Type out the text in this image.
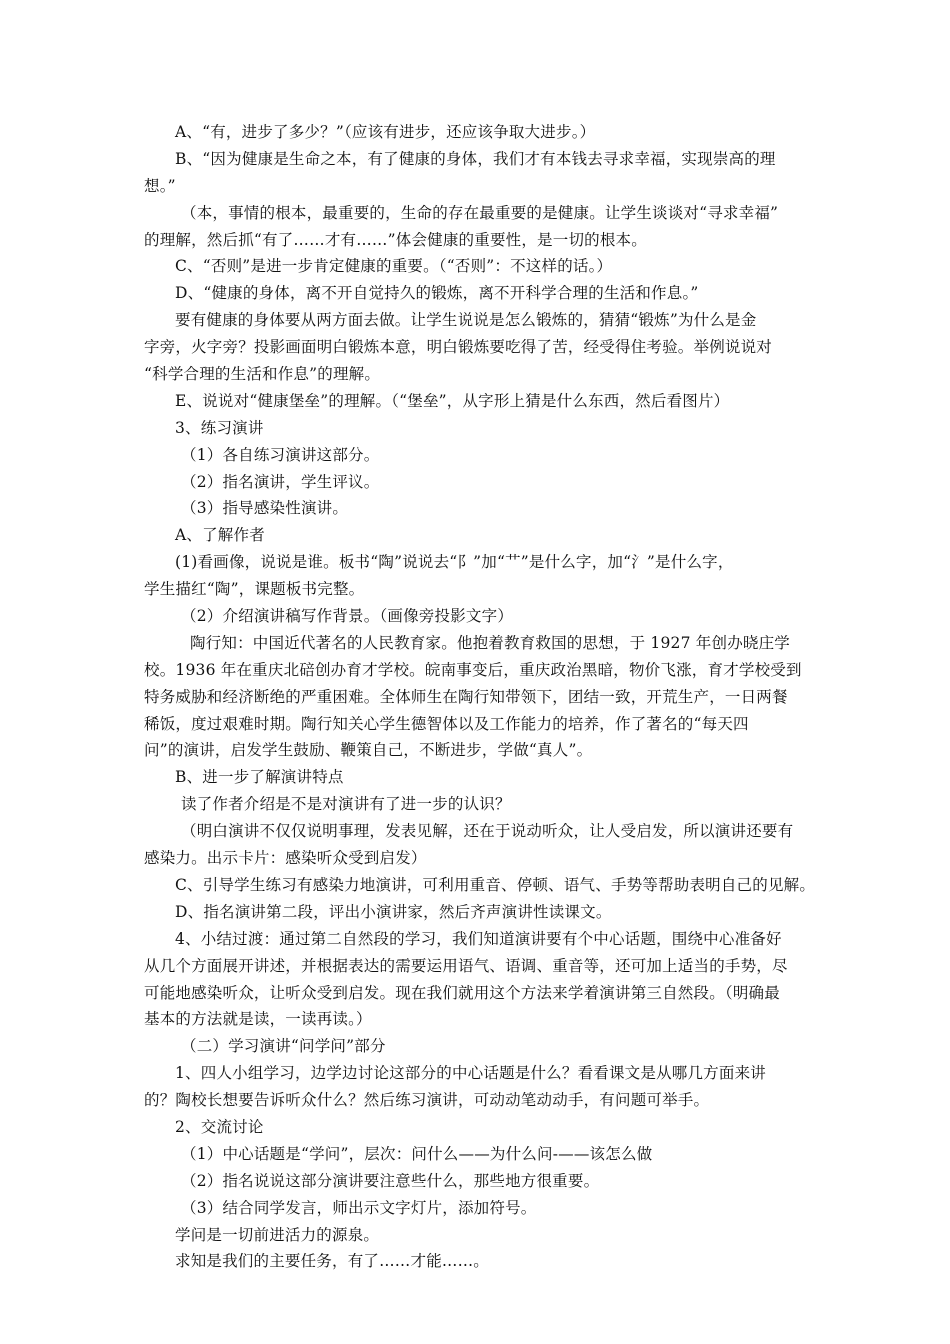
A、“有，进步了多少？”（应该有进步，还应该争取大进步。）
B、“因为健康是生命之本，有了健康的身体，我们才有本钱去寻求幸福，实现崇高的理
想。”
（本，事情的根本，最重要的，生命的存在最重要的是健康。让学生谈谈对“寻求幸福”
的理解，然后抓“有了……才有……”体会健康的重要性，是一切的根本。
C、“否则”是进一步肯定健康的重要。（“否则”：不这样的话。）
D、“健康的身体，离不开自觉持久的锻炼，离不开科学合理的生活和作息。”
要有健康的身体要从两方面去做。让学生说说是怎么锻炼的，猜猜“锻炼”为什么是金
字旁，火字旁？投影画面明白锻炼本意，明白锻炼要吃得了苦，经受得住考验。举例说说对
“科学合理的生活和作息”的理解。
E、说说对“健康堡垒”的理解。（“堡垒”，从字形上猜是什么东西，然后看图片）
3、练习演讲
（1）各自练习演讲这部分。
（2）指名演讲，学生评议。
（3）指导感染性演讲。
A、了解作者
(1)看画像，说说是谁。板书“陶”说说去“阝”加“艹”是什么字，加“氵”是什么字，
学生描红“陶”，课题板书完整。
（2）介绍演讲稿写作背景。（画像旁投影文字）
陶行知：中国近代著名的人民教育家。他抱着教育救国的思想，于 1927 年创办晓庄学
校。1936 年在重庆北碚创办育才学校。皖南事变后，重庆政治黑暗，物价飞涨，育才学校受到
特务威胁和经济断绝的严重困难。全体师生在陶行知带领下，团结一致，开荒生产，一日两餐
稀饭，度过艰难时期。陶行知关心学生德智体以及工作能力的培养，作了著名的“每天四
问”的演讲，启发学生鼓励、鞭策自己，不断进步，学做“真人”。
B、进一步了解演讲特点
读了作者介绍是不是对演讲有了进一步的认识？
（明白演讲不仅仅说明事理，发表见解，还在于说动听众，让人受启发，所以演讲还要有
感染力。出示卡片：感染听众受到启发）
C、引导学生练习有感染力地演讲，可利用重音、停顿、语气、手势等帮助表明自己的见解。
D、指名演讲第二段，评出小演讲家，然后齐声演讲性读课文。
4、小结过渡：通过第二自然段的学习，我们知道演讲要有个中心话题，围绕中心准备好
从几个方面展开讲述，并根据表达的需要运用语气、语调、重音等，还可加上适当的手势，尽
可能地感染听众，让听众受到启发。现在我们就用这个方法来学着演讲第三自然段。（明确最
基本的方法就是读，一读再读。）
（二）学习演讲“问学问”部分
1、四人小组学习，边学边讨论这部分的中心话题是什么？看看课文是从哪几方面来讲
的？陶校长想要告诉听众什么？然后练习演讲，可动动笔动动手，有问题可举手。
2、交流讨论
（1）中心话题是“学问”，层次：问什么——为什么问-——该怎么做
（2）指名说说这部分演讲要注意些什么，那些地方很重要。
（3）结合同学发言，师出示文字灯片，添加符号。
学问是一切前进活力的源泉。
求知是我们的主要任务，有了……才能……。
